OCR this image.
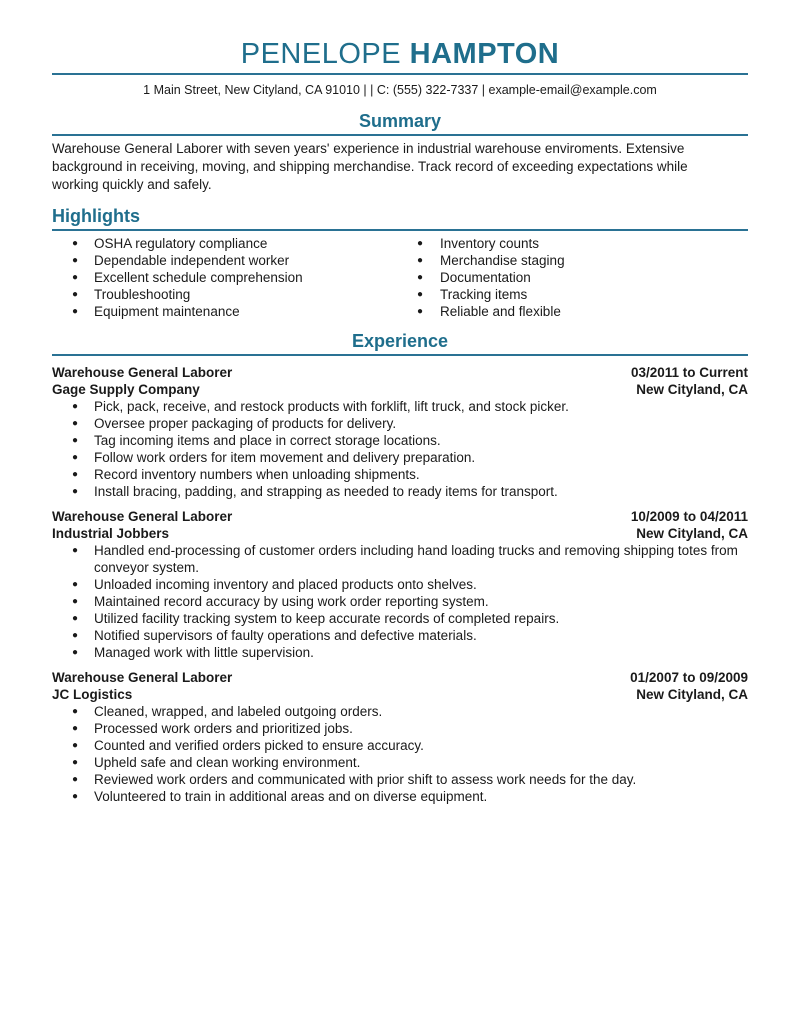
PENELOPE HAMPTON
1 Main Street, New Cityland, CA 91010 | | C: (555) 322-7337 | example-email@example.com
Summary

Warehouse General Laborer with seven years' experience in industrial warehouse enviroments. Extensive background in receiving, moving, and shipping merchandise. Track record of exceeding expectations while working quickly and safely.

Highlights
● OSHA regulatory compliance
● Dependable independent worker
● Excellent schedule comprehension
● Troubleshooting
● Equipment maintenance
● Inventory counts
● Merchandise staging
● Documentation
● Tracking items
● Reliable and flexible
Experience
Warehouse General Laborer	03/2011 to Current
Gage Supply Company	New Cityland, CA
● Pick, pack, receive, and restock products with forklift, lift truck, and stock picker.
● Oversee proper packaging of products for delivery.
● Tag incoming items and place in correct storage locations.
● Follow work orders for item movement and delivery preparation.
● Record inventory numbers when unloading shipments.
● Install bracing, padding, and strapping as needed to ready items for transport.
Warehouse General Laborer	10/2009 to 04/2011
Industrial Jobbers	New Cityland, CA
● Handled end-processing of customer orders including hand loading trucks and removing shipping totes from conveyor system.
● Unloaded incoming inventory and placed products onto shelves.
● Maintained record accuracy by using work order reporting system.
● Utilized facility tracking system to keep accurate records of completed repairs.
● Notified supervisors of faulty operations and defective materials.
● Managed work with little supervision.
Warehouse General Laborer	01/2007 to 09/2009
JC Logistics	New Cityland, CA
● Cleaned, wrapped, and labeled outgoing orders.
● Processed work orders and prioritized jobs.
● Counted and verified orders picked to ensure accuracy.
● Upheld safe and clean working environment.
● Reviewed work orders and communicated with prior shift to assess work needs for the day.
● Volunteered to train in additional areas and on diverse equipment.
